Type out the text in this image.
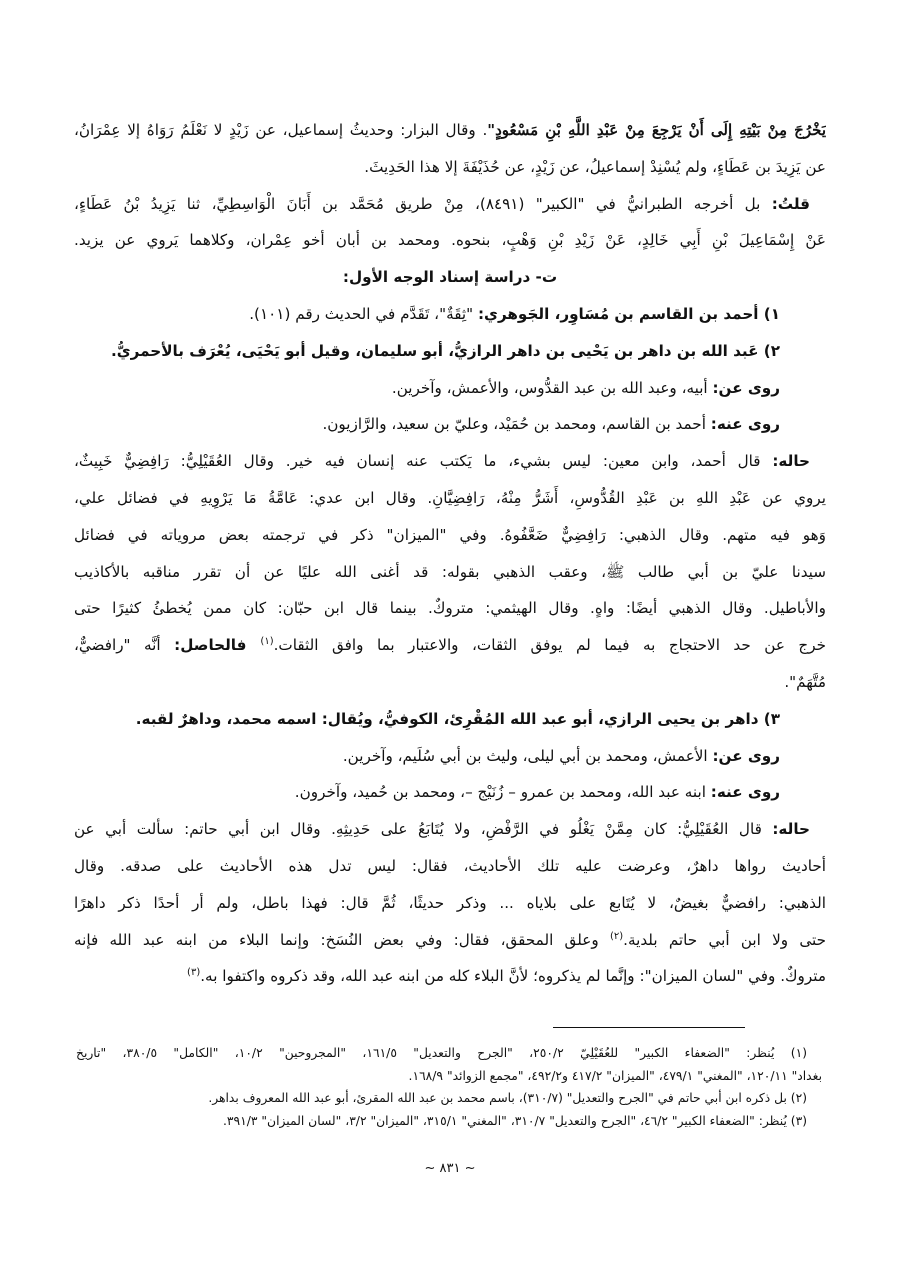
يَخْرُجَ مِنْ بَيْتِهِ إِلَى أَنْ يَرْجِعَ مِنْ عَبْدِ اللَّهِ بْنِ مَسْعُودٍ". وقال البزار: وحديثُ إسماعيل، عن زَيْدٍ لا نَعْلَمُ رَوَاهُ إلا عِمْرَانُ،
عن يَزِيدَ بن عَطَاءٍ، ولم يُسْنِدْ إسماعيلُ، عن زَيْدٍ، عن حُذَيْفَةَ إلا هذا الحَدِيثَ.
قلتُ: بل أخرجه الطبرانيُّ في "الكبير" (٨٤٩١)، مِنْ طريق مُحَمَّد بن أَبَانَ الْوَاسِطِيِّ، ثنا يَزِيدُ بْنُ عَطَاءٍ،
عَنْ إِسْمَاعِيلَ بْنِ أَبِي خَالِدٍ، عَنْ زَيْدِ بْنِ وَهْبٍ، بنحوه. ومحمد بن أبان أخو عِمْران، وكلاهما يَروي عن يزيد.
ت- دراسة إسناد الوجه الأول:
١) أحمد بن القاسم بن مُسَاوِر، الجَوهري: "ثِقَةٌ"، تَقَدَّم في الحديث رقم (١٠١).
٢) عَبد الله بن داهر بن يَحْيى بن داهر الرازيُّ، أبو سليمان، وقيل أبو يَحْيَى، يُعْرَف بالأحمريُّ.
روى عن: أبيه، وعبد الله بن عبد القدُّوس، والأعمش، وآخرين.
روى عنه: أحمد بن القاسم، ومحمد بن حُمَيْد، وعليّ بن سعيد، والرَّازيون.
حاله: قال أحمد، وابن معين: ليس بشيء، ما يَكتب عنه إنسان فيه خير. وقال العُقَيْلِيُّ: رَافِضِيٌّ خَبِيثٌ،
يروي عن عَبْدِ اللهِ بن عَبْدِ القُدُّوسِ، أَشَرُّ مِنْهُ، رَافِضِيَّانِ. وقال ابن عدي: عَامَّةُ مَا يَرْوِيهِ في فضائل علي،
وَهو فيه متهم. وقال الذهبي: رَافِضِيٌّ ضَعَّفُوهُ. وفي "الميزان" ذكر في ترجمته بعض مروياته في فضائل
سيدنا عليّ بن أبي طالب ﷺ، وعقب الذهبي بقوله: قد أغنى الله عليًا عن أن تقرر مناقبه بالأكاذيب
والأباطيل. وقال الذهبي أيضًا: واهٍ. وقال الهيثمي: متروكٌ. بينما قال ابن حبّان: كان ممن يُخطئُ كثيرًا حتى
خرج عن حد الاحتجاج به فيما لم يوفق الثقات، والاعتبار بما وافق الثقات.$^{(١)}$ فالحاصل: أنَّه "رافضيٌّ،
مُتَّهَمٌ".
٣) داهر بن يحيى الرازي، أبو عبد الله المُقْرِئ، الكوفيُّ، ويُقال: اسمه محمد، وداهرٌ لقبه.
روى عن: الأعمش، ومحمد بن أبي ليلى، وليث بن أبي سُلَيم، وآخرين.
روى عنه: ابنه عبد الله، ومحمد بن عمرو – زُنَيْج –، ومحمد بن حُميد، وآخرون.
حاله: قال العُقَيْلِيُّ: كان مِمَّنْ يَغْلُو في الرَّفْضِ، ولا يُتَابَعُ على حَدِيثِهِ. وقال ابن أبي حاتم: سألت أبي عن
أحاديث رواها داهرٌ، وعرضت عليه تلك الأحاديث، فقال: ليس تدل هذه الأحاديث على صدقه. وقال
الذهبي: رافضيٌّ بغيضٌ، لا يُتَابع على بلاياه ... وذكر حديثًا، ثُمَّ قال: فهذا باطل، ولم أر أحدًا ذكر داهرًا
حتى ولا ابن أبي حاتم بلدية.$^{(٢)}$ وعلق المحقق، فقال: وفي بعض النُسَخ: وإنما البلاء من ابنه عبد الله فإنه
متروكٌ. وفي "لسان الميزان": وإنَّما لم يذكروه؛ لأنَّ البلاء كله من ابنه عبد الله، وقد ذكروه واكتفوا به.$^{(٣)}$
(١) يُنظر: "الضعفاء الكبير" للعُقَيْلِيّ ٢٥٠/٢، "الجرح والتعديل" ١٦١/٥، "المجروحين" ١٠/٢، "الكامل" ٣٨٠/٥، "تاريخ
بغداد" ١٢٠/١١، "المغني" ٤٧٩/١، "الميزان" ٤١٧/٢ و٤٩٢/٢، "مجمع الزوائد" ١٦٨/٩.
(٢) بل ذكره ابن أبي حاتم في "الجرح والتعديل" (٣١٠/٧)، باسم محمد بن عبد الله المقرئ، أبو عبد الله المعروف بداهر.
(٣) يُنظر: "الضعفاء الكبير" ٤٦/٢، "الجرح والتعديل" ٣١٠/٧، "المغني" ٣١٥/١، "الميزان" ٣/٢، "لسان الميزان" ٣٩١/٣.
~ ٨٣١ ~
